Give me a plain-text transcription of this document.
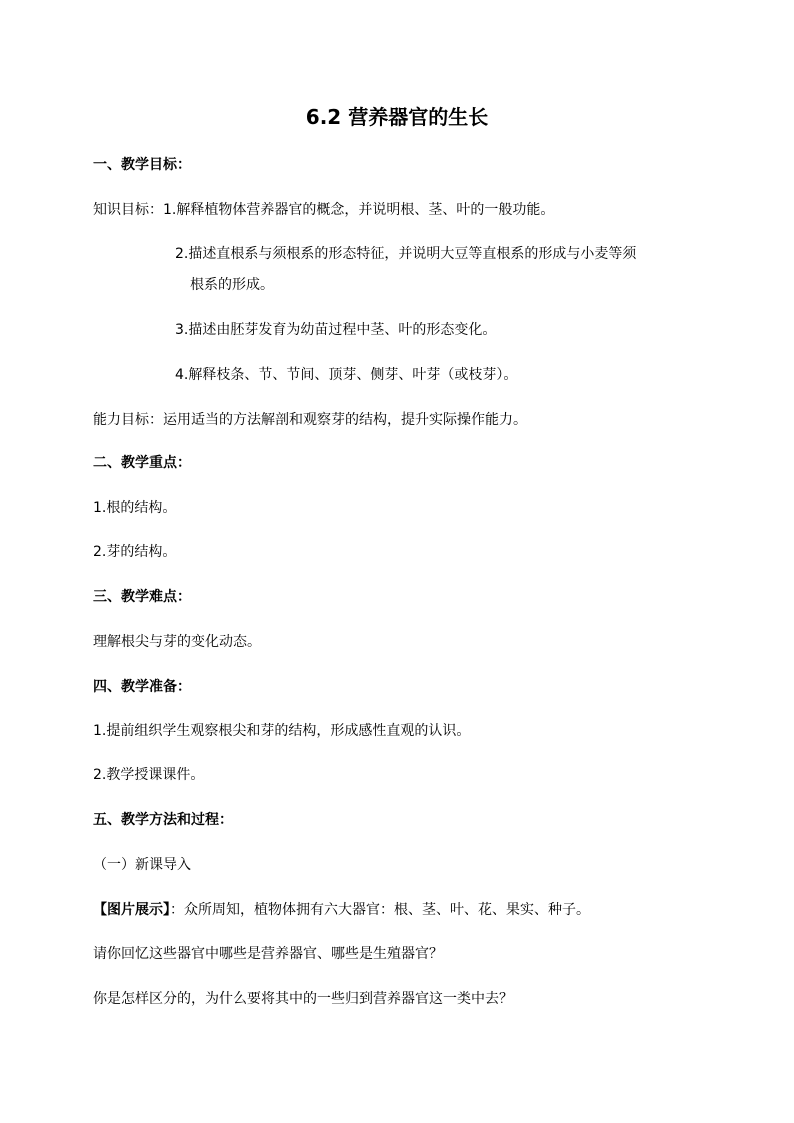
6.2 营养器官的生长
一、教学目标：
知识目标：1.解释植物体营养器官的概念，并说明根、茎、叶的一般功能。
2.描述直根系与须根系的形态特征，并说明大豆等直根系的形成与小麦等须
根系的形成。
3.描述由胚芽发育为幼苗过程中茎、叶的形态变化。
4.解释枝条、节、节间、顶芽、侧芽、叶芽（或枝芽）。
能力目标：运用适当的方法解剖和观察芽的结构，提升实际操作能力。
二、教学重点：
1.根的结构。
2.芽的结构。
三、教学难点：
理解根尖与芽的变化动态。
四、教学准备：
1.提前组织学生观察根尖和芽的结构，形成感性直观的认识。
2.教学授课课件。
五、教学方法和过程：
（一）新课导入
【图片展示】：众所周知，植物体拥有六大器官：根、茎、叶、花、果实、种子。
请你回忆这些器官中哪些是营养器官、哪些是生殖器官？
你是怎样区分的，为什么要将其中的一些归到营养器官这一类中去？
